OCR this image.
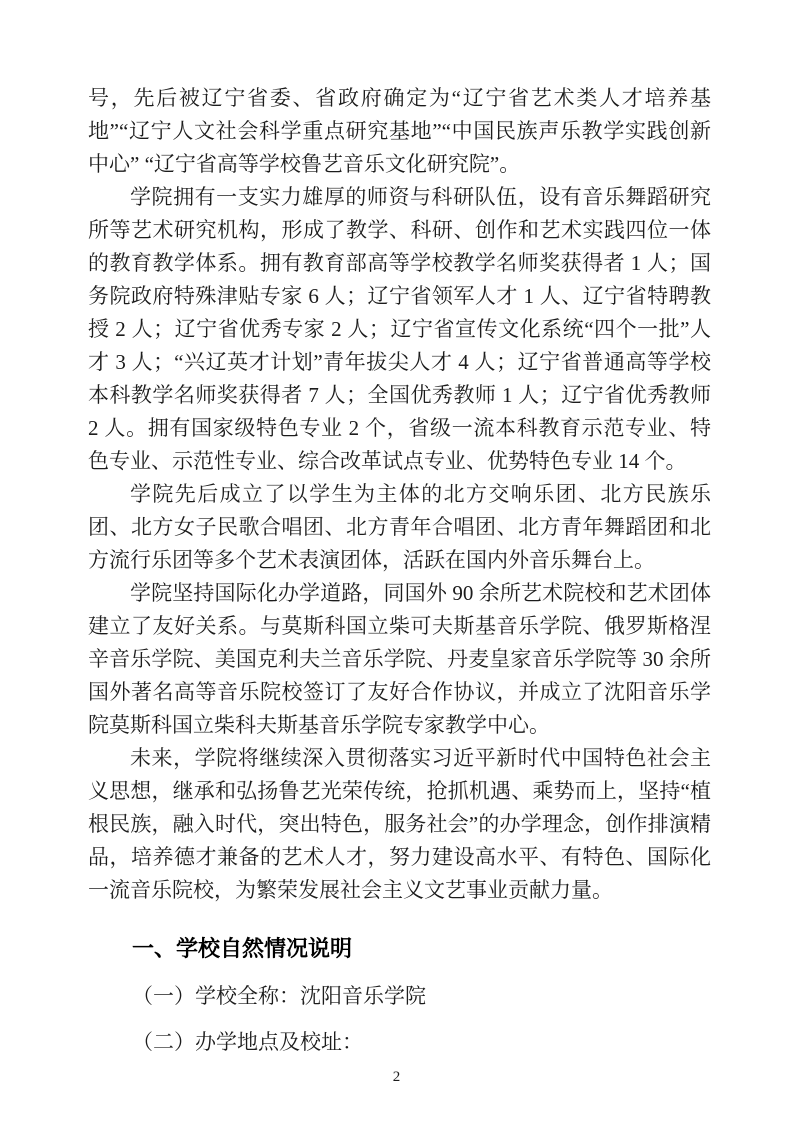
号，先后被辽宁省委、省政府确定为“辽宁省艺术类人才培养基地”“辽宁人文社会科学重点研究基地”“中国民族声乐教学实践创新中心” “辽宁省高等学校鲁艺音乐文化研究院”。
学院拥有一支实力雄厚的师资与科研队伍，设有音乐舞蹈研究所等艺术研究机构，形成了教学、科研、创作和艺术实践四位一体的教育教学体系。拥有教育部高等学校教学名师奖获得者 1 人；国务院政府特殊津贴专家 6 人；辽宁省领军人才 1 人、辽宁省特聘教授 2 人；辽宁省优秀专家 2 人；辽宁省宣传文化系统“四个一批”人才 3 人；“兴辽英才计划”青年拔尖人才 4 人；辽宁省普通高等学校本科教学名师奖获得者 7 人；全国优秀教师 1 人；辽宁省优秀教师 2 人。拥有国家级特色专业 2 个，省级一流本科教育示范专业、特色专业、示范性专业、综合改革试点专业、优势特色专业 14 个。
学院先后成立了以学生为主体的北方交响乐团、北方民族乐团、北方女子民歌合唱团、北方青年合唱团、北方青年舞蹈团和北方流行乐团等多个艺术表演团体，活跃在国内外音乐舞台上。
学院坚持国际化办学道路，同国外 90 余所艺术院校和艺术团体建立了友好关系。与莫斯科国立柴可夫斯基音乐学院、俄罗斯格涅辛音乐学院、美国克利夫兰音乐学院、丹麦皇家音乐学院等 30 余所国外著名高等音乐院校签订了友好合作协议，并成立了沈阳音乐学院莫斯科国立柴科夫斯基音乐学院专家教学中心。
未来，学院将继续深入贯彻落实习近平新时代中国特色社会主义思想，继承和弘扬鲁艺光荣传统，抢抓机遇、乘势而上，坚持“植根民族，融入时代，突出特色，服务社会”的办学理念，创作排演精品，培养德才兼备的艺术人才，努力建设高水平、有特色、国际化一流音乐院校，为繁荣发展社会主义文艺事业贡献力量。
一、学校自然情况说明
（一）学校全称：沈阳音乐学院
（二）办学地点及校址：
2
